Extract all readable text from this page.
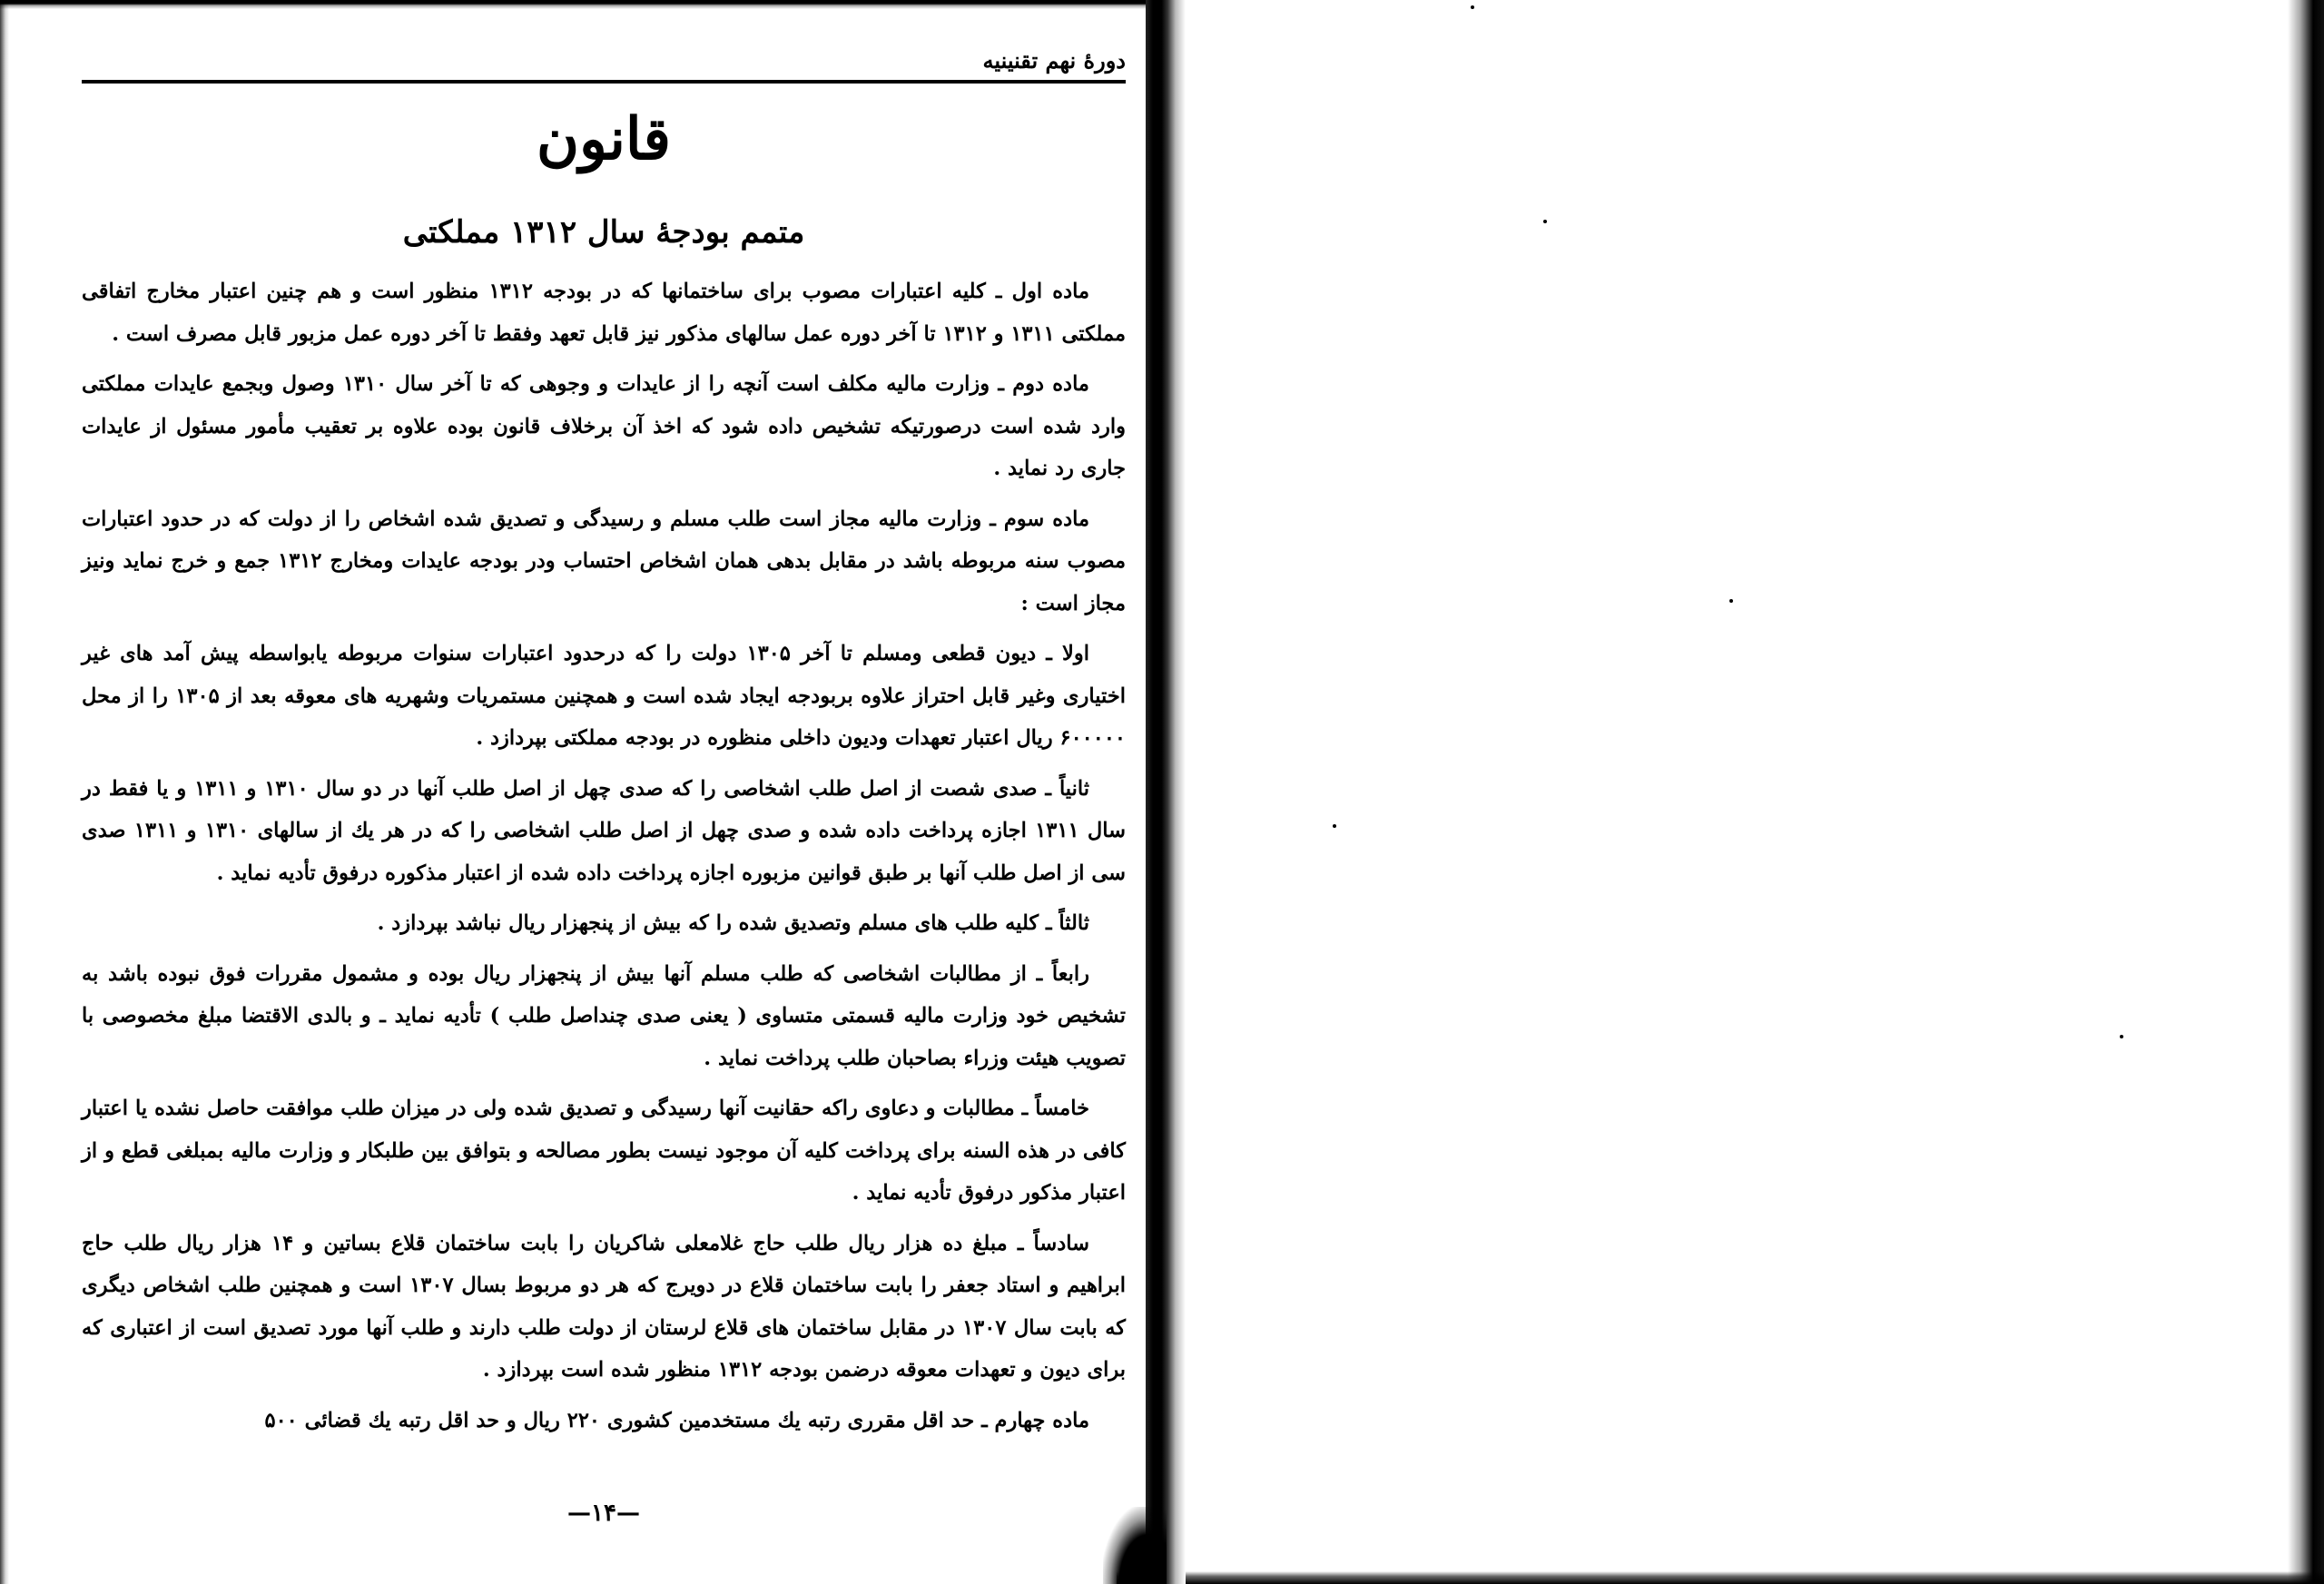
دورهٔ نهم تقنینیه
قانون
متمم بودجهٔ سال ۱۳۱۲ مملکتی

ماده اول ـ کلیه اعتبارات مصوب برای ساختمانها که در بودجه ۱۳۱۲ منظور است و هم چنین اعتبار مخارج اتفاقی مملکتی ۱۳۱۱ و ۱۳۱۲ تا آخر دوره عمل سالهای مذکور نیز قابل تعهد وفقط تا آخر دوره عمل مزبور قابل مصرف است .

ماده دوم ـ وزارت مالیه مکلف است آنچه را از عایدات و وجوهی که تا آخر سال ۱۳۱۰ وصول وبجمع عایدات مملکتی وارد شده است درصورتیکه تشخیص داده شود که اخذ آن برخلاف قانون بوده علاوه بر تعقیب مأمور مسئول از عایدات جاری رد نماید .

ماده سوم ـ وزارت مالیه مجاز است طلب مسلم و رسیدگی و تصدیق شده اشخاص را از دولت که در حدود اعتبارات مصوب سنه مربوطه باشد در مقابل بدهی همان اشخاص احتساب ودر بودجه عایدات ومخارج ۱۳۱۲ جمع و خرج نماید ونیز مجاز است :

اولا ـ دیون قطعی ومسلم تا آخر ۱۳۰۵ دولت را که درحدود اعتبارات سنوات مربوطه یابواسطه پیش آمد های غیر اختیاری وغیر قابل احتراز علاوه بربودجه ایجاد شده است و همچنین مستمریات وشهریه های معوقه بعد از ۱۳۰۵ را از محل ۶۰۰۰۰۰ ریال اعتبار تعهدات ودیون داخلی منظوره در بودجه مملکتی بپردازد .

ثانیاً ـ صدی شصت از اصل طلب اشخاصی را که صدی چهل از اصل طلب آنها در دو سال ۱۳۱۰ و ۱۳۱۱ و یا فقط در سال ۱۳۱۱ اجازه پرداخت داده شده و صدی چهل از اصل طلب اشخاصی را که در هر یك از سالهای ۱۳۱۰ و ۱۳۱۱ صدی سی از اصل طلب آنها بر طبق قوانین مزبوره اجازه پرداخت داده شده از اعتبار مذکوره درفوق تأدیه نماید .

ثالثاً ـ کلیه طلب های مسلم وتصدیق شده را که بیش از پنجهزار ریال نباشد بپردازد .

رابعاً ـ از مطالبات اشخاصی که طلب مسلم آنها بیش از پنجهزار ریال بوده و مشمول مقررات فوق نبوده باشد به تشخیص خود وزارت مالیه قسمتی متساوی ( یعنی صدی چنداصل طلب ) تأدیه نماید ـ و بالدی الاقتضا مبلغ مخصوصی با تصویب هیئت وزراء بصاحبان طلب پرداخت نماید .

خامساً ـ مطالبات و دعاوی راکه حقانیت آنها رسیدگی و تصدیق شده ولی در میزان طلب موافقت حاصل نشده یا اعتبار کافی در هذه السنه برای پرداخت کلیه آن موجود نیست بطور مصالحه و بتوافق بین طلبکار و وزارت مالیه بمبلغی قطع و از اعتبار مذکور درفوق تأدیه نماید .

سادساً ـ مبلغ ده هزار ریال طلب حاج غلامعلی شاکریان را بابت ساختمان قلاع بساتین و ۱۴ هزار ریال طلب حاج ابراهیم و استاد جعفر را بابت ساختمان قلاع در دویرج که هر دو مربوط بسال ۱۳۰۷ است و همچنین طلب اشخاص دیگری که بابت سال ۱۳۰۷ در مقابل ساختمان های قلاع لرستان از دولت طلب دارند و طلب آنها مورد تصدیق است از اعتباری که برای دیون و تعهدات معوقه درضمن بودجه ۱۳۱۲ منظور شده است بپردازد .

ماده چهارم ـ حد اقل مقرری رتبه یك مستخدمین کشوری ۲۲۰ ریال و حد اقل رتبه یك قضائی ۵۰۰

—۱۴—
